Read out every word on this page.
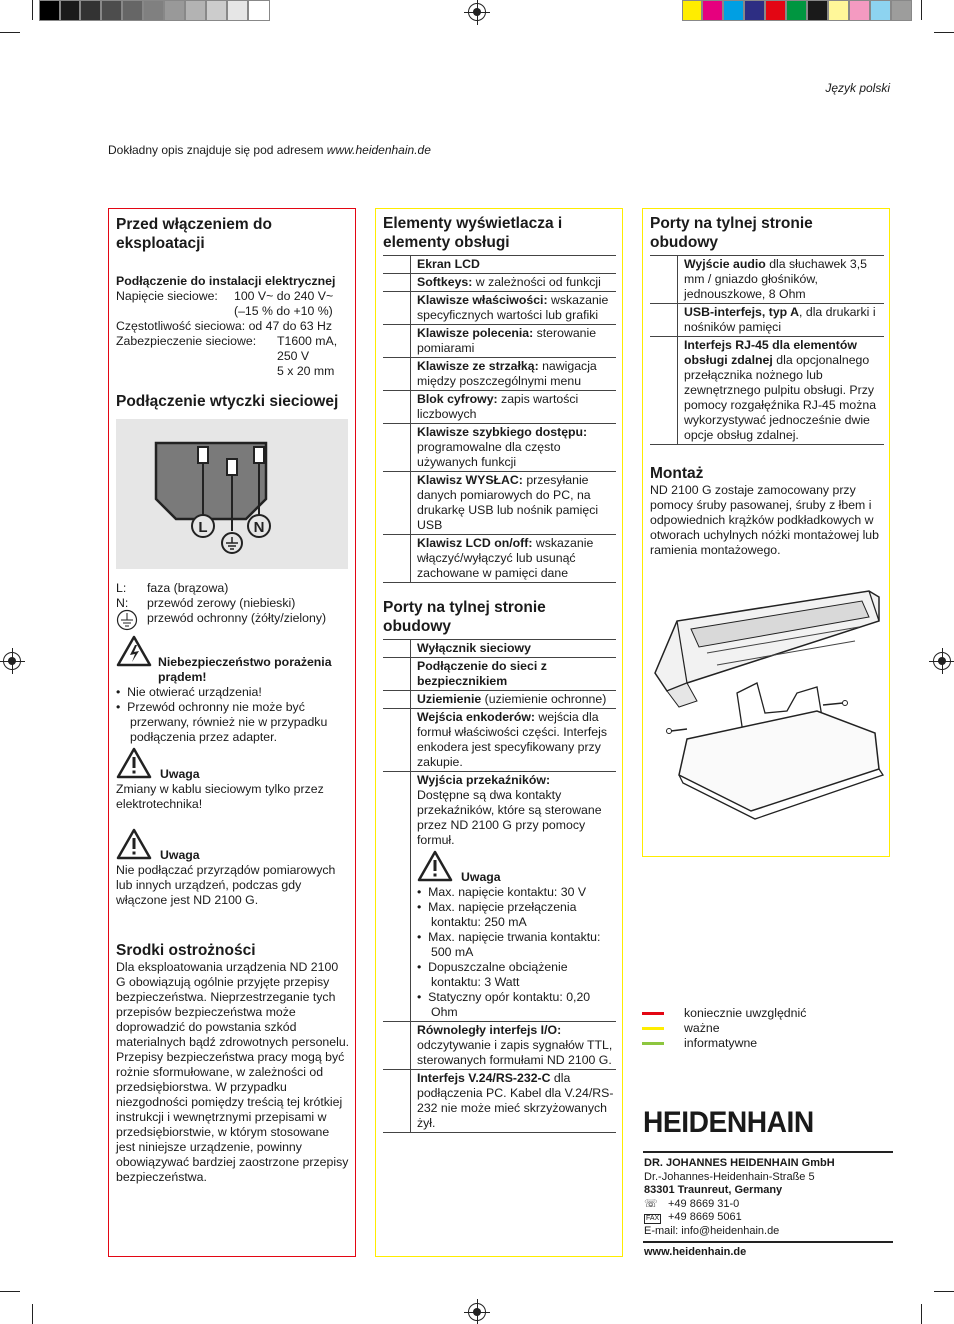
Język polski
Dokładny opis znajduje się pod adresem www.heidenhain.de
Przed włączeniem do eksploatacji
Podłączenie do instalacji elektrycznej
Napięcie sieciowe:	100 V~ do 240 V~
(–15 % do +10 %)
Częstotliwość sieciowa: od 47 do 63 Hz
Zabezpieczenie sieciowe:	T1600 mA,
250 V
5 x 20 mm
Podłączenie wtyczki sieciowej
L	N
L:	faza (brązowa)
N:	przewód zerowy (niebieski)
przewód ochronny (żółty/zielony)
Niebezpieczeństwo porażenia prądem!
•  Nie otwierać urządzenia!
•  Przewód ochronny nie może być przerwany, również nie w przypadku podłączenia przez adapter.
Uwaga
Zmiany w kablu sieciowym tylko przez elektrotechnika!
Uwaga
Nie podłączać przyrządów pomiarowych lub innych urządzeń, podczas gdy włączone jest ND 2100 G.
Srodki ostrożności
Dla eksploatowania urządzenia ND 2100 G obowiązują ogólnie przyjęte przepisy bezpieczeństwa. Nieprzestrzeganie tych przepisów bezpieczeństwa może doprowadzić do powstania szkód materialnych bądź zdrowotnych personelu. Przepisy bezpieczeństwa pracy mogą być rożnie sformułowane, w zależności od przedsiębiorstwa. W przypadku niezgodności pomiędzy treścią tej krótkiej instrukcji i wewnętrznymi przepisami w przedsiębiorstwie, w którym stosowane jest niniejsze urządzenie, powinny obowiązywać bardziej zaostrzone przepisy bezpieczeństwa.
Elementy wyświetlacza i elementy obsługi
Ekran LCD
Softkeys: w zależności od funkcji
Klawisze właściwości: wskazanie specyficznych wartości lub grafiki
Klawisze polecenia: sterowanie pomiarami
Klawisze ze strzałką: nawigacja między poszczególnymi menu
Blok cyfrowy: zapis wartości liczbowych
Klawisze szybkiego dostępu: programowalne dla często używanych funkcji
Klawisz WYSŁAC: przesyłanie danych pomiarowych do PC, na drukarkę USB lub nośnik pamięci USB
Klawisz LCD on/off: wskazanie włączyć/wyłączyć lub usunąć zachowane w pamięci dane
Porty na tylnej stronie obudowy
Wyłącznik sieciowy
Podłączenie do sieci z bezpiecznikiem
Uziemienie (uziemienie ochronne)
Wejścia enkoderów: wejścia dla formuł właściwości części. Interfejs enkodera jest specyfikowany przy zakupie.
Wyjścia przekaźników:
Dostępne są dwa kontakty przekaźników, które są sterowane przez ND 2100 G przy pomocy formuł.
Uwaga
•  Max. napięcie kontaktu: 30 V
•  Max. napięcie przełączenia kontaktu: 250 mA
•  Max. napięcie trwania kontaktu: 500 mA
•  Dopuszczalne obciążenie kontaktu: 3 Watt
•  Statyczny opór kontaktu: 0,20 Ohm
Równoległy interfejs I/O: odczytywanie i zapis sygnałów TTL, sterowanych formułami ND 2100 G.
Interfejs V.24/RS-232-C dla podłączenia PC. Kabel dla V.24/RS-232 nie może mieć skrzyżowanych żył.
Porty na tylnej stronie obudowy
Wyjście audio dla słuchawek 3,5 mm / gniazdo głośników, jednouszkowe, 8 Ohm
USB-interfejs, typ A, dla drukarki i nośników pamięci
Interfejs RJ-45 dla elementów obsługi zdalnej dla opcjonalnego przełącznika nożnego lub zewnętrznego pulpitu obsługi. Przy pomocy rozgałęźnika RJ-45 można wykorzystywać jednocześnie dwie opcje obsług zdalnej.
Montaż
ND 2100 G zostaje zamocowany przy pomocy śruby pasowanej, śruby z łbem i odpowiednich krążków podkładkowych w otworach uchylnych nóżki montażowej lub ramienia montażowego.
koniecznie uwzględnić
ważne
informatywne
HEIDENHAIN
DR. JOHANNES HEIDENHAIN GmbH
Dr.-Johannes-Heidenhain-Straße 5
83301 Traunreut, Germany
☏ +49 8669 31-0
FAX +49 8669 5061
E-mail: info@heidenhain.de
www.heidenhain.de
